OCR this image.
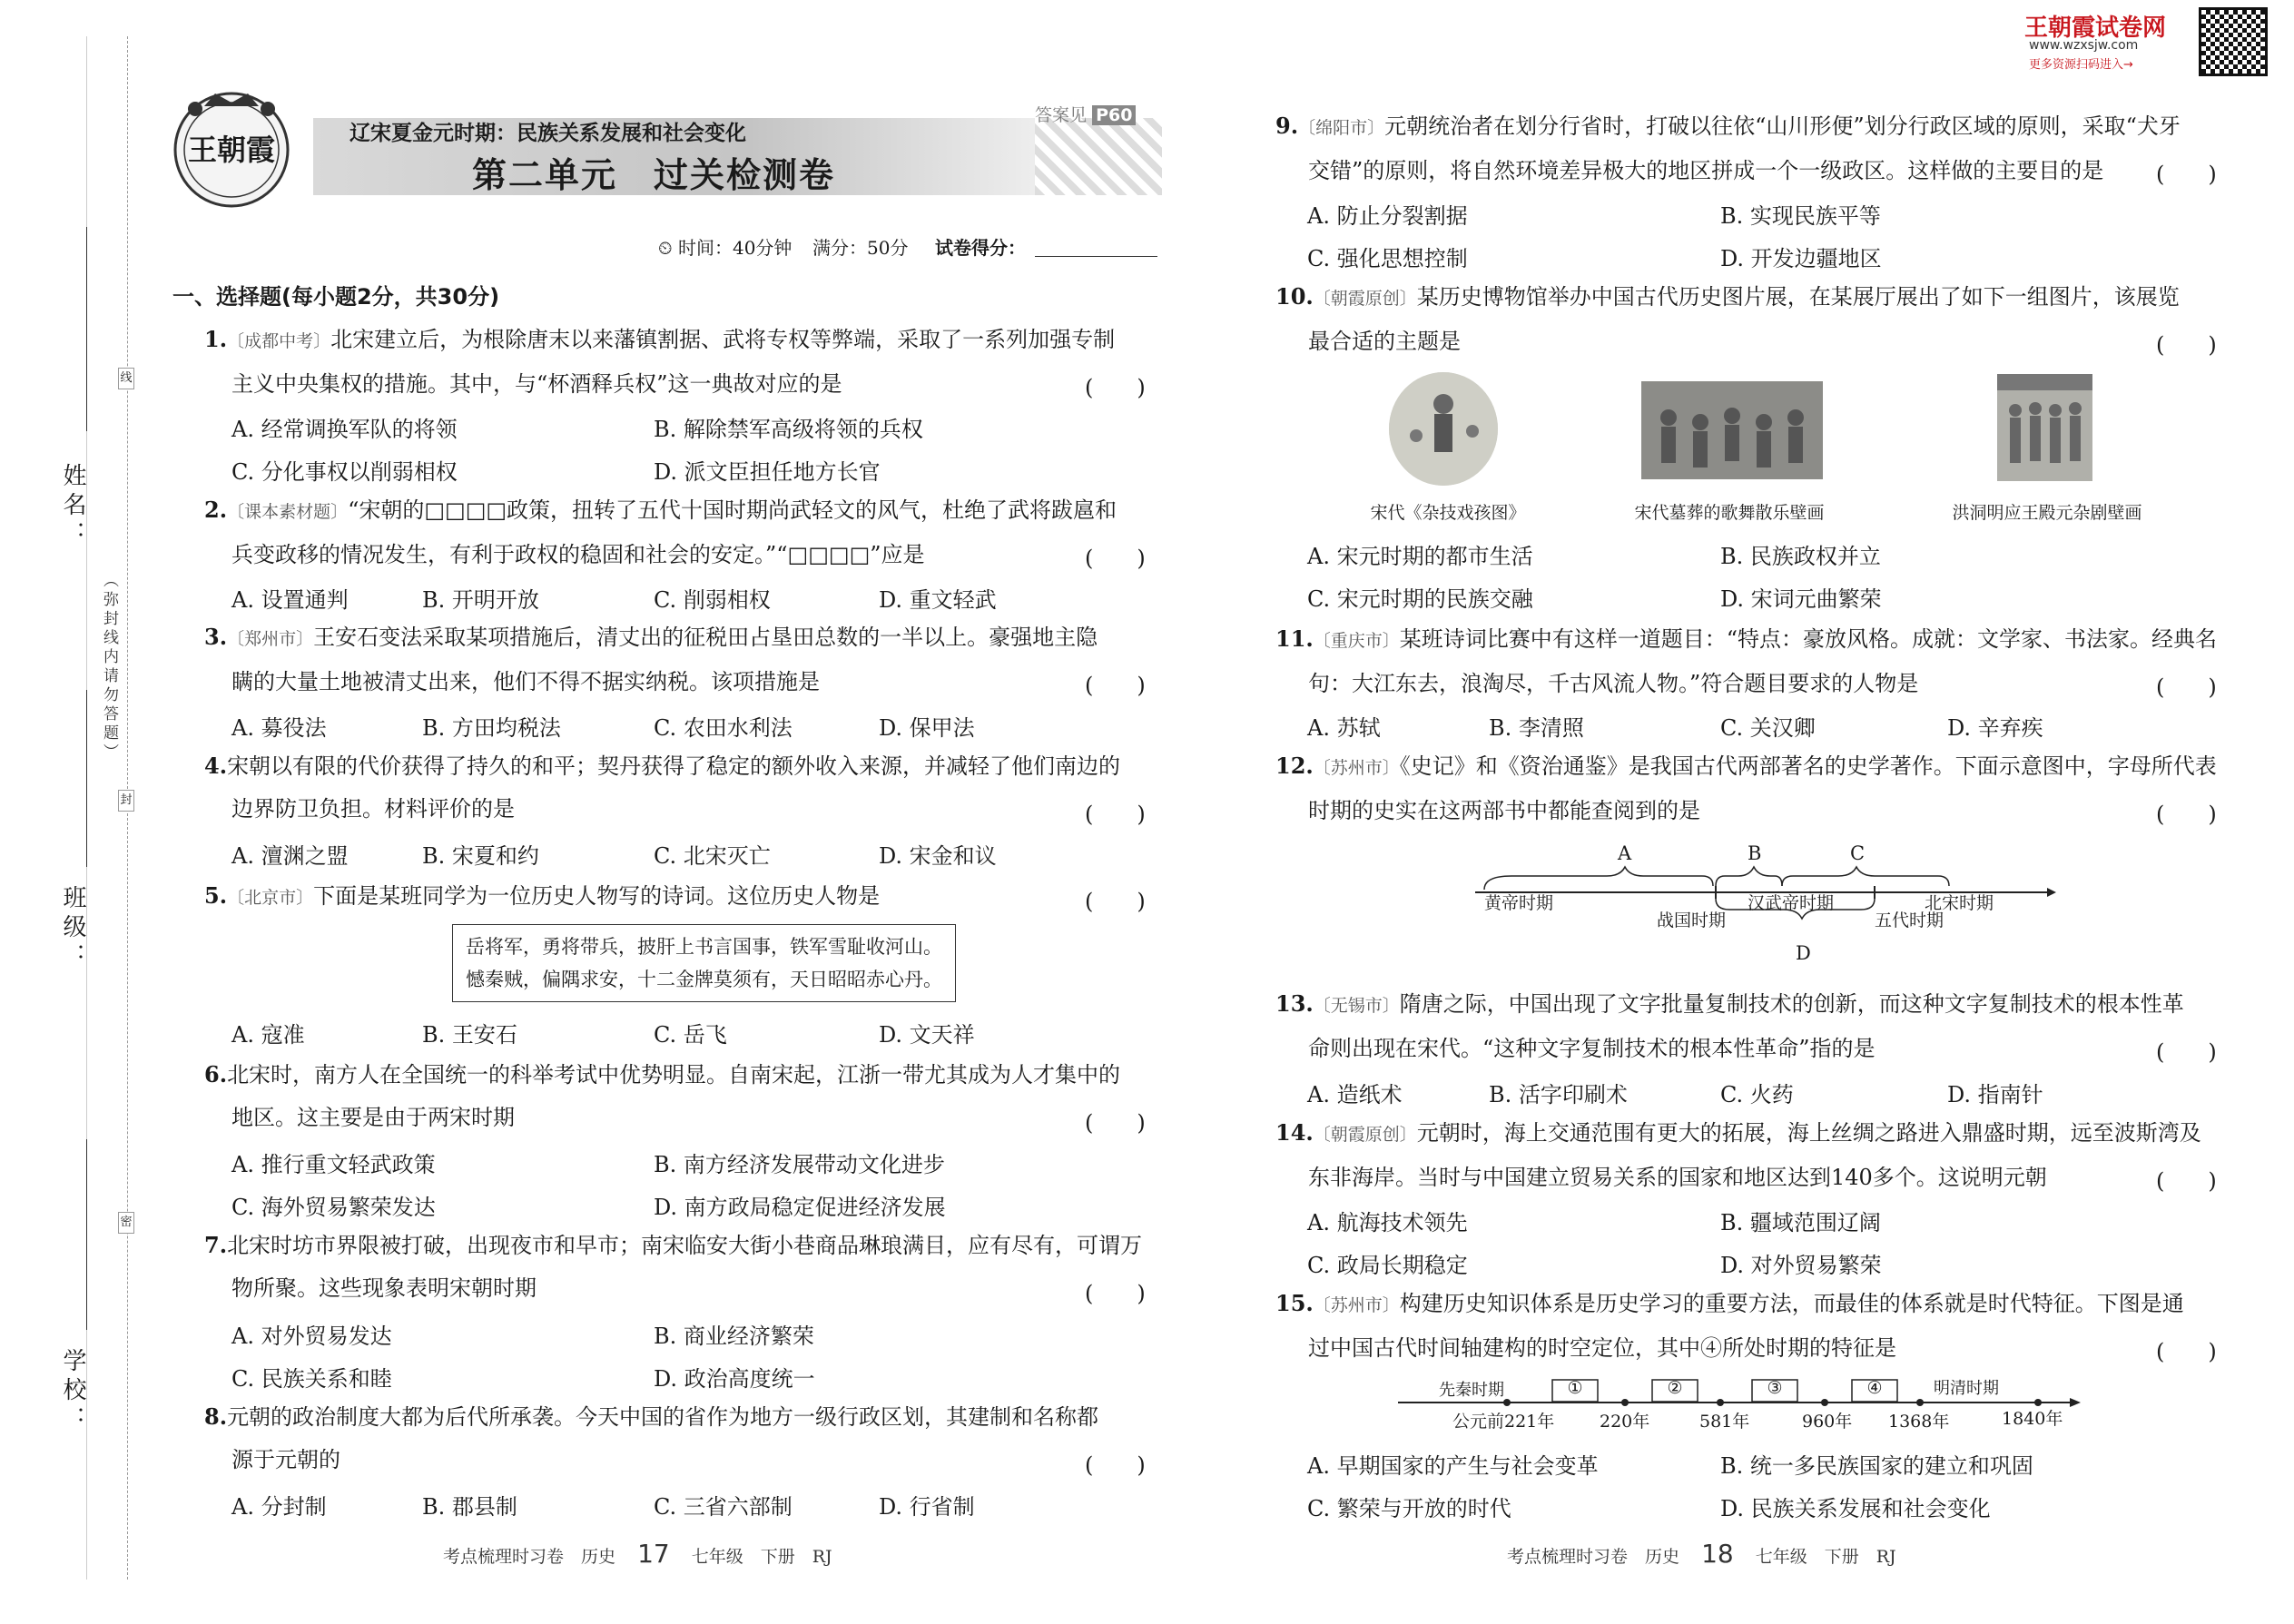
姓名：
班级：
学校：
（弥封线内请勿答题）
线
封
密
王朝霞	辽宋夏金元时期：民族关系发展和社会变化
答案见 P60
第二单元　过关检测卷
⏲ 时间：40分钟 满分：50分 试卷得分：
王朝霞试卷网
www.wzxsjw.com
更多资源扫码进入→
一、选择题(每小题2分，共30分)
1.〔成都中考〕北宋建立后，为根除唐末以来藩镇割据、武将专权等弊端，采取了一系列加强专制
主义中央集权的措施。其中，与“杯酒释兵权”这一典故对应的是	(　　)
A. 经常调换军队的将领	B. 解除禁军高级将领的兵权
C. 分化事权以削弱相权	D. 派文臣担任地方长官
2.〔课本素材题〕“宋朝的□□□□政策，扭转了五代十国时期尚武轻文的风气，杜绝了武将跋扈和
兵变政移的情况发生，有利于政权的稳固和社会的安定。”“□□□□”应是	(　　)
A. 设置通判	B. 开明开放	C. 削弱相权	D. 重文轻武
3.〔郑州市〕王安石变法采取某项措施后，清丈出的征税田占垦田总数的一半以上。豪强地主隐
瞒的大量土地被清丈出来，他们不得不据实纳税。该项措施是	(　　)
A. 募役法	B. 方田均税法	C. 农田水利法	D. 保甲法
4.宋朝以有限的代价获得了持久的和平；契丹获得了稳定的额外收入来源，并减轻了他们南边的
边界防卫负担。材料评价的是	(　　)
A. 澶渊之盟	B. 宋夏和约	C. 北宋灭亡	D. 宋金和议
5.〔北京市〕下面是某班同学为一位历史人物写的诗词。这位历史人物是	(　　)
岳将军，勇将带兵，披肝上书言国事，铁军雪耻收河山。
憾秦贼，偏隅求安，十二金牌莫须有，天日昭昭赤心丹。
A. 寇准	B. 王安石	C. 岳飞	D. 文天祥
6.北宋时，南方人在全国统一的科举考试中优势明显。自南宋起，江浙一带尤其成为人才集中的
地区。这主要是由于两宋时期	(　　)
A. 推行重文轻武政策	B. 南方经济发展带动文化进步
C. 海外贸易繁荣发达	D. 南方政局稳定促进经济发展
7.北宋时坊市界限被打破，出现夜市和早市；南宋临安大街小巷商品琳琅满目，应有尽有，可谓万
物所聚。这些现象表明宋朝时期	(　　)
A. 对外贸易发达	B. 商业经济繁荣
C. 民族关系和睦	D. 政治高度统一
8.元朝的政治制度大都为后代所承袭。今天中国的省作为地方一级行政区划，其建制和名称都
源于元朝的	(　　)
A. 分封制	B. 郡县制	C. 三省六部制	D. 行省制
考点梳理时习卷　历史 17 七年级　下册　RJ
9.〔绵阳市〕元朝统治者在划分行省时，打破以往依“山川形便”划分行政区域的原则，采取“犬牙
交错”的原则，将自然环境差异极大的地区拼成一个一级政区。这样做的主要目的是	(　　)
A. 防止分裂割据	B. 实现民族平等
C. 强化思想控制	D. 开发边疆地区
10.〔朝霞原创〕某历史博物馆举办中国古代历史图片展，在某展厅展出了如下一组图片，该展览
最合适的主题是	(　　)
宋代《杂技戏孩图》	宋代墓葬的歌舞散乐壁画	洪洞明应王殿元杂剧壁画
A. 宋元时期的都市生活	B. 民族政权并立
C. 宋元时期的民族交融	D. 宋词元曲繁荣
11.〔重庆市〕某班诗词比赛中有这样一道题目：“特点：豪放风格。成就：文学家、书法家。经典名
句：大江东去，浪淘尽，千古风流人物。”符合题目要求的人物是	(　　)
A. 苏轼	B. 李清照	C. 关汉卿	D. 辛弃疾
12.〔苏州市〕《史记》和《资治通鉴》是我国古代两部著名的史学著作。下面示意图中，字母所代表
时期的史实在这两部书中都能查阅到的是	(　　)
黄帝时期
战国时期
汉武帝时期
五代时期
北宋时期
A	B	C
D
13.〔无锡市〕隋唐之际，中国出现了文字批量复制技术的创新，而这种文字复制技术的根本性革
命则出现在宋代。“这种文字复制技术的根本性革命”指的是	(　　)
A. 造纸术	B. 活字印刷术	C. 火药	D. 指南针
14.〔朝霞原创〕元朝时，海上交通范围有更大的拓展，海上丝绸之路进入鼎盛时期，远至波斯湾及
东非海岸。当时与中国建立贸易关系的国家和地区达到140多个。这说明元朝	(　　)
A. 航海技术领先	B. 疆域范围辽阔
C. 政局长期稳定	D. 对外贸易繁荣
15.〔苏州市〕构建历史知识体系是历史学习的重要方法，而最佳的体系就是时代特征。下图是通
过中国古代时间轴建构的时空定位，其中④所处时期的特征是	(　　)
先秦时期	①	②	③	④	明清时期
公元前221年	220年	581年	960年 1368年	1840年
A. 早期国家的产生与社会变革	B. 统一多民族国家的建立和巩固
C. 繁荣与开放的时代	D. 民族关系发展和社会变化
考点梳理时习卷　历史 18 七年级　下册　RJ
